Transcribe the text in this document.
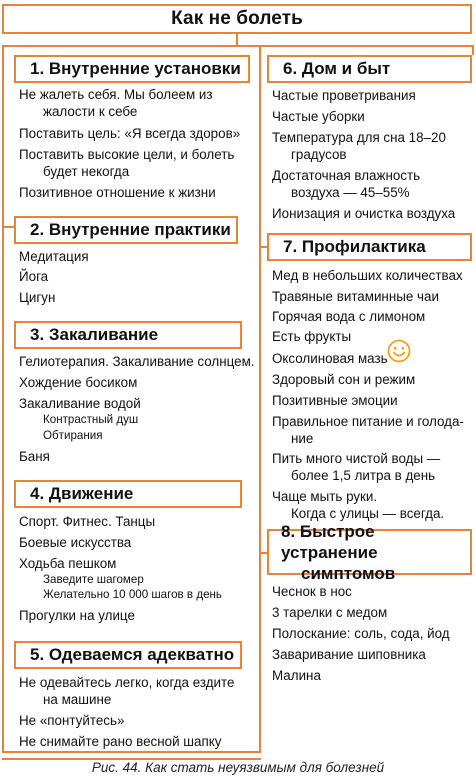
Как не болеть
1. Внутренние установки
Не жалеть себя. Мы болеем из
жалости к себе
Поставить цель: «Я всегда здоров»
Поставить высокие цели, и болеть
будет некогда
Позитивное отношение к жизни
2. Внутренние практики
Медитация
Йога
Цигун
3. Закаливание
Гелиотерапия. Закаливание солнцем.
Хождение босиком
Закаливание водой
Контрастный душ
Обтирания
Баня
4. Движение
Спорт. Фитнес. Танцы
Боевые искусства
Ходьба пешком
Заведите шагомер
Желательно 10 000 шагов в день
Прогулки на улице
5. Одеваемся адекватно
Не одевайтесь легко, когда ездите
на машине
Не «понтуйтесь»
Не снимайте рано весной шапку
6. Дом и быт
Частые проветривания
Частые уборки
Температура для сна 18–20
градусов
Достаточная влажность
воздуха — 45–55%
Ионизация и очистка воздуха
7. Профилактика
Мед в небольших количествах
Травяные витаминные чаи
Горячая вода с лимоном
Есть фрукты
Оксолиновая мазь
Здоровый сон и режим
Позитивные эмоции
Правильное питание и голода-
ние
Пить много чистой воды —
более 1,5 литра в день
Чаще мыть руки.
Когда с улицы — всегда.
8. Быстрое устранение
симптомов
Чеснок в нос
3 тарелки с медом
Полоскание: соль, сода, йод
Заваривание шиповника
Малина
Рис. 44. Как стать неуязвимым для болезней
